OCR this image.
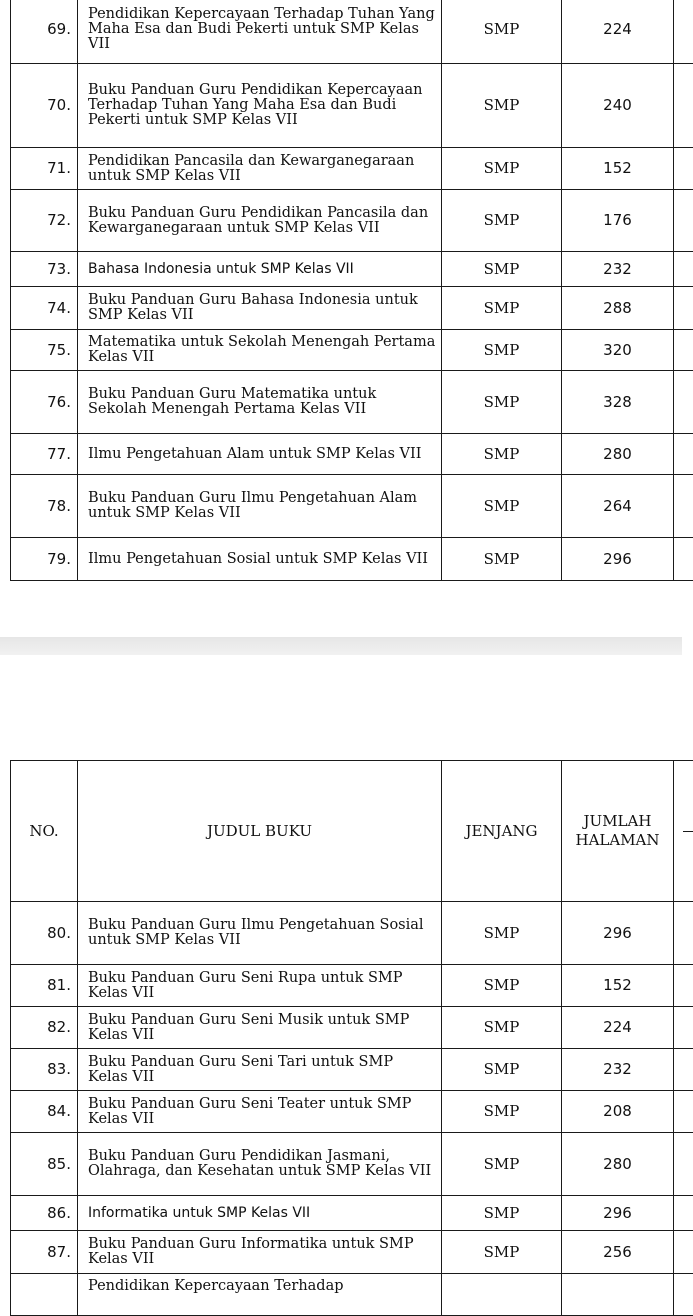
69.	Pendidikan Kepercayaan Terhadap Tuhan Yang Maha Esa dan Budi Pekerti untuk SMP Kelas VII	SMP	224	
70.	Buku Panduan Guru Pendidikan Kepercayaan Terhadap Tuhan Yang Maha Esa dan Budi Pekerti untuk SMP Kelas VII	SMP	240	
71.	Pendidikan Pancasila dan Kewarganegaraan untuk SMP Kelas VII	SMP	152	
72.	Buku Panduan Guru Pendidikan Pancasila dan Kewarganegaraan untuk SMP Kelas VII	SMP	176	
73.	Bahasa Indonesia untuk SMP Kelas VII	SMP	232	
74.	Buku Panduan Guru Bahasa Indonesia untuk SMP Kelas VII	SMP	288	
75.	Matematika untuk Sekolah Menengah Pertama Kelas VII	SMP	320	
76.	Buku Panduan Guru Matematika untuk Sekolah Menengah Pertama Kelas VII	SMP	328	
77.	Ilmu Pengetahuan Alam untuk SMP Kelas VII	SMP	280	
78.	Buku Panduan Guru Ilmu Pengetahuan Alam untuk SMP Kelas VII	SMP	264	
79.	Ilmu Pengetahuan Sosial untuk SMP Kelas VII	SMP	296	
NO.	JUDUL BUKU	JENJANG	JUMLAH HALAMAN	
80.	Buku Panduan Guru Ilmu Pengetahuan Sosial untuk SMP Kelas VII	SMP	296	
81.	Buku Panduan Guru Seni Rupa untuk SMP Kelas VII	SMP	152	
82.	Buku Panduan Guru Seni Musik untuk SMP Kelas VII	SMP	224	
83.	Buku Panduan Guru Seni Tari untuk SMP Kelas VII	SMP	232	
84.	Buku Panduan Guru Seni Teater untuk SMP Kelas VII	SMP	208	
85.	Buku Panduan Guru Pendidikan Jasmani, Olahraga, dan Kesehatan untuk SMP Kelas VII	SMP	280	
86.	Informatika untuk SMP Kelas VII	SMP	296	
87.	Buku Panduan Guru Informatika untuk SMP Kelas VII	SMP	256	
	Pendidikan Kepercayaan Terhadap			
